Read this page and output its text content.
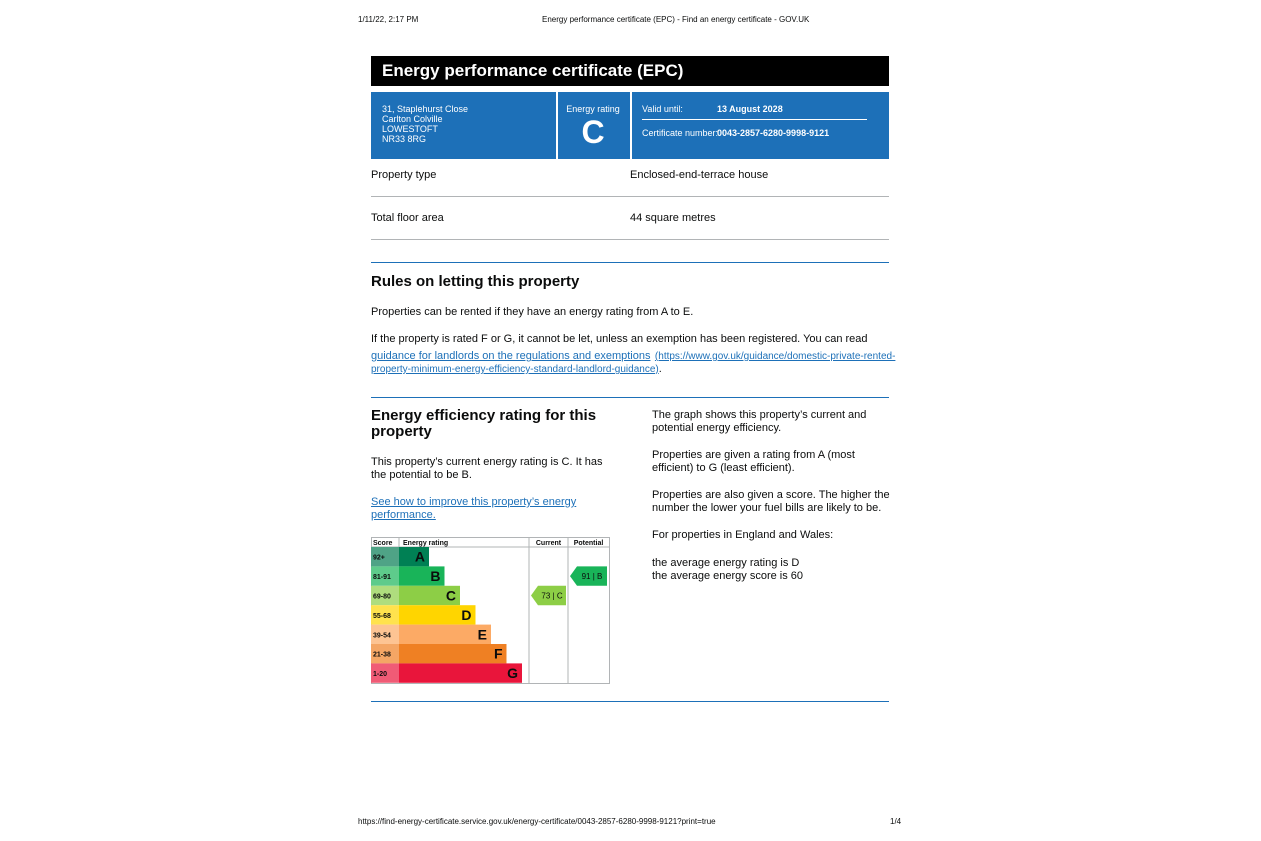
1/11/22, 2:17 PM	Energy performance certificate (EPC) - Find an energy certificate - GOV.UK
Energy performance certificate (EPC)
31, Staplehurst Close
Carlton Colville
LOWESTOFT
NR33 8RG
Energy rating
C
Valid until:	13 August 2028
Certificate number:
0043-2857-6280-9998-9121
Property type	Enclosed-end-terrace house
Total floor area	44 square metres
Rules on letting this property
Properties can be rented if they have an energy rating from A to E.
If the property is rated F or G, it cannot be let, unless an exemption has been registered. You can read
guidance for landlords on the regulations and exemptions (https://www.gov.uk/guidance/domestic-private-rented-
property-minimum-energy-efficiency-standard-landlord-guidance).
Energy efficiency rating for this
property
This property’s current energy rating is C. It has
the potential to be B.
See how to improve this property’s energy
performance.
The graph shows this property’s current and
potential energy efficiency.
Properties are given a rating from A (most
efficient) to G (least efficient).
Properties are also given a score. The higher the
number the lower your fuel bills are likely to be.
For properties in England and Wales:
the average energy rating is D
the average energy score is 60
Score Energy rating	Current Potential
92+ A
81-91	B
69-80	C
55-68	D
39-54	E
21-38	F
1-20	G
73 | C
91 | B
https://find-energy-certificate.service.gov.uk/energy-certificate/0043-2857-6280-9998-9121?print=true	1/4
